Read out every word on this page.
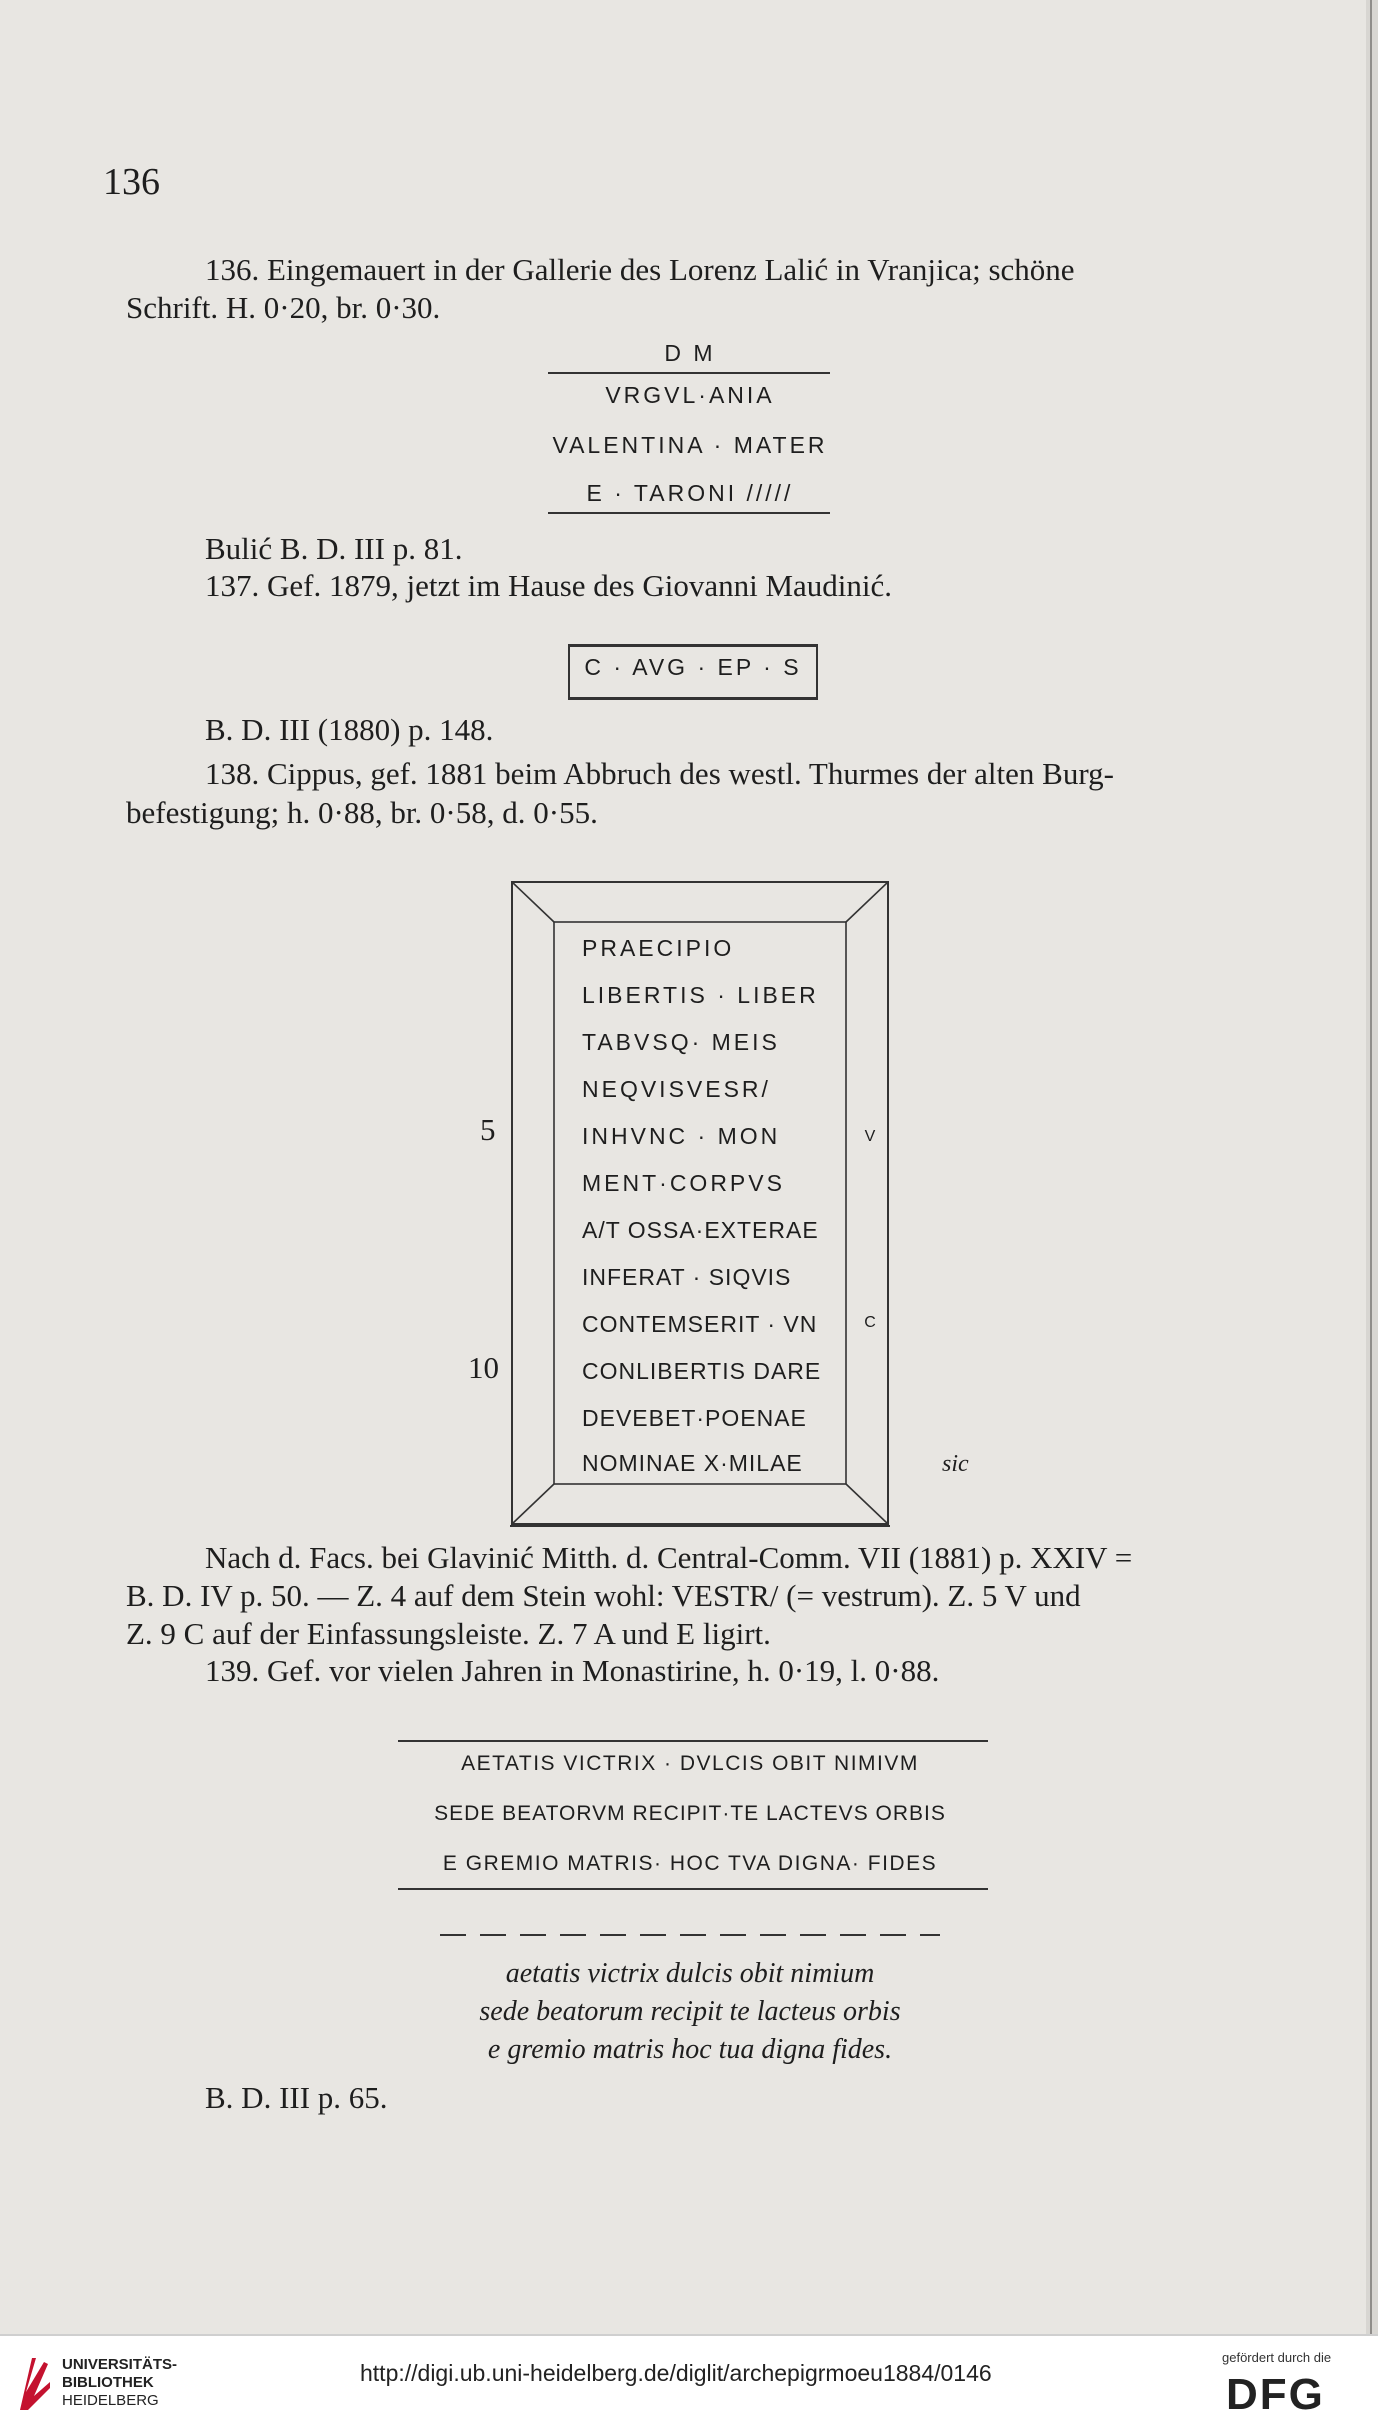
136
136. Eingemauert in der Gallerie des Lorenz Lalić in Vranjica; schöne
Schrift. H. 0·20, br. 0·30.
D M
VRGVL·ANIA
VALENTINA · MATER
E · TARONI /////
Bulić B. D. III p. 81.
137. Gef. 1879, jetzt im Hause des Giovanni Maudinić.
C · AVG · EP · S
B. D. III (1880) p. 148.
138. Cippus, gef. 1881 beim Abbruch des westl. Thurmes der alten Burg-
befestigung; h. 0·88, br. 0·58, d. 0·55.
PRAECIPIO
LIBERTIS · LIBER
TABVSQ· MEIS
NEQVISVESR/
INHVNC · MON
MENT·CORPVS
A/T OSSA·EXTERAE
INFERAT · SIQVIS
CONTEMSERIT · VN
CONLIBERTIS DARE
DEVEBET·POENAE
NOMINAE X·MILAE
5
10
V
C
sic
Nach d. Facs. bei Glavinić Mitth. d. Central-Comm. VII (1881) p. XXIV =
B. D. IV p. 50. — Z. 4 auf dem Stein wohl: VESTR/ (= vestrum). Z. 5 V und
Z. 9 C auf der Einfassungsleiste. Z. 7 A und E ligirt.
139. Gef. vor vielen Jahren in Monastirine, h. 0·19, l. 0·88.
AETATIS VICTRIX · DVLCIS OBIT NIMIVM
SEDE BEATORVM RECIPIT·TE LACTEVS ORBIS
E GREMIO MATRIS· HOC TVA DIGNA· FIDES
aetatis victrix dulcis obit nimium
sede beatorum recipit te lacteus orbis
e gremio matris hoc tua digna fides.
B. D. III p. 65.
UNIVERSITÄTS-
BIBLIOTHEK
HEIDELBERG
http://digi.ub.uni-heidelberg.de/diglit/archepigrmoeu1884/0146
gefördert durch die
DFG
